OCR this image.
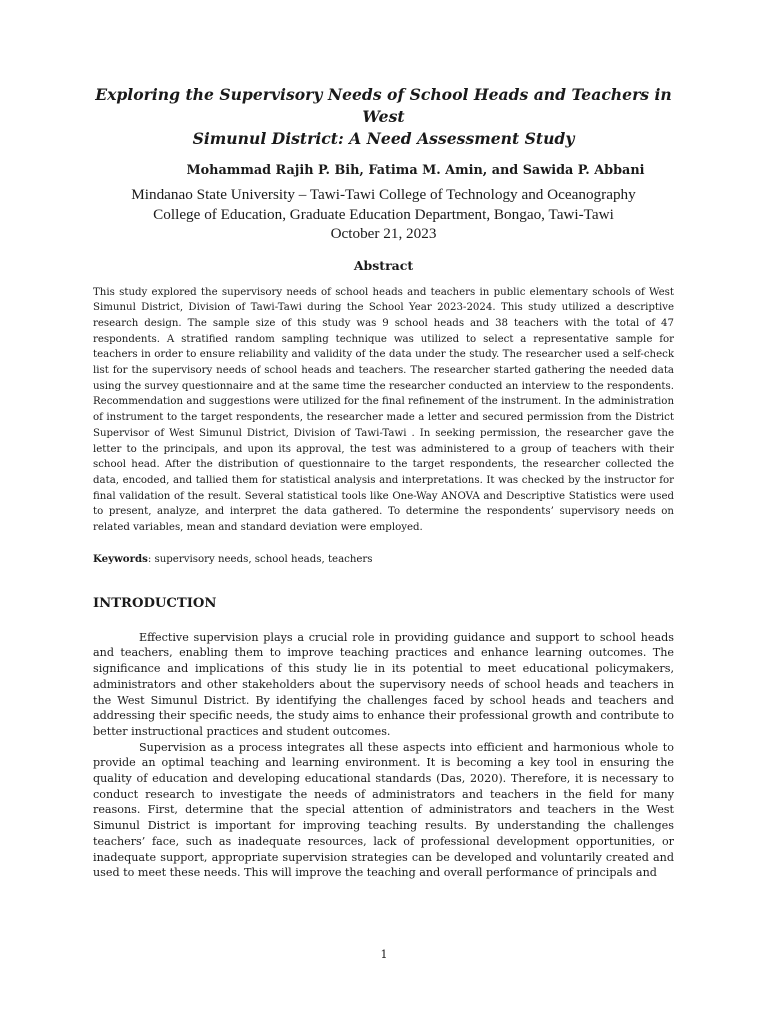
Exploring the Supervisory Needs of School Heads and Teachers in West
Simunul District: A Need Assessment Study
Mohammad Rajih P. Bih, Fatima M. Amin, and Sawida P. Abbani
Mindanao State University – Tawi-Tawi College of Technology and Oceanography
College of Education, Graduate Education Department, Bongao, Tawi-Tawi
October 21, 2023
Abstract

This study explored the supervisory needs of school heads and teachers in public elementary schools of West Simunul District, Division of Tawi-Tawi during the School Year 2023-2024. This study utilized a descriptive research design. The sample size of this study was 9 school heads and 38 teachers with the total of 47 respondents. A stratified random sampling technique was utilized to select a representative sample for teachers in order to ensure reliability and validity of the data under the study. The researcher used a self-check list for the supervisory needs of school heads and teachers. The researcher started gathering the needed data using the survey questionnaire and at the same time the researcher conducted an interview to the respondents. Recommendation and suggestions were utilized for the final refinement of the instrument. In the administration of instrument to the target respondents, the researcher made a letter and secured permission from the District Supervisor of West Simunul District, Division of Tawi-Tawi . In seeking permission, the researcher gave the letter to the principals, and upon its approval, the test was administered to a group of teachers with their school head. After the distribution of questionnaire to the target respondents, the researcher collected the data, encoded, and tallied them for statistical analysis and interpretations. It was checked by the instructor for final validation of the result. Several statistical tools like One-Way ANOVA and Descriptive Statistics were used to present, analyze, and interpret the data gathered. To determine the respondents’ supervisory needs on related variables, mean and standard deviation were employed.

Keywords: supervisory needs, school heads, teachers

INTRODUCTION

Effective supervision plays a crucial role in providing guidance and support to school heads and teachers, enabling them to improve teaching practices and enhance learning outcomes. The significance and implications of this study lie in its potential to meet educational policymakers, administrators and other stakeholders about the supervisory needs of school heads and teachers in the West Simunul District. By identifying the challenges faced by school heads and teachers and addressing their specific needs, the study aims to enhance their professional growth and contribute to better instructional practices and student outcomes.

Supervision as a process integrates all these aspects into efficient and harmonious whole to provide an optimal teaching and learning environment. It is becoming a key tool in ensuring the quality of education and developing educational standards (Das, 2020). Therefore, it is necessary to conduct research to investigate the needs of administrators and teachers in the field for many reasons. First, determine that the special attention of administrators and teachers in the West Simunul District is important for improving teaching results. By understanding the challenges teachers’ face, such as inadequate resources, lack of professional development opportunities, or inadequate support, appropriate supervision strategies can be developed and voluntarily created and used to meet these needs. This will improve the teaching and overall performance of principals and

1
